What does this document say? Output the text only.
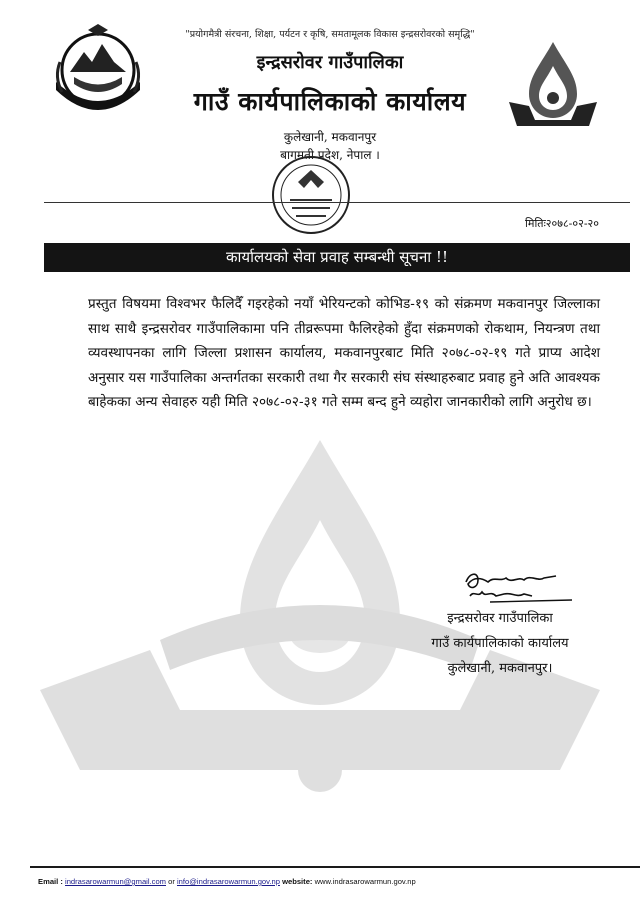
"प्रयोगमैत्री संरचना, शिक्षा, पर्यटन र कृषि, समतामूलक विकास इन्द्रसरोवरको समृद्धि"
इन्द्रसरोवर गाउँपालिका
गाउँ कार्यपालिकाको कार्यालय
कुलेखानी, मकवानपुर
बागमती प्रदेश, नेपाल ।
मितिः२०७८-०२-२०
कार्यालयको सेवा प्रवाह सम्बन्धी सूचना !!
प्रस्तुत विषयमा विश्वभर फैलिदैँ गइरहेको नयाँ भेरियन्टको कोभिड-१९ को संक्रमण मकवानपुर जिल्लाका साथ साथै इन्द्रसरोवर गाउँपालिकामा पनि तीव्ररूपमा फैलिरहेको हुँदा संक्रमणको रोकथाम, नियन्त्रण तथा व्यवस्थापनका लागि जिल्ला प्रशासन कार्यालय, मकवानपुरबाट मिति २०७८-०२-१९ गते प्राप्य आदेश अनुसार यस गाउँपालिका अन्तर्गतका सरकारी तथा गैर सरकारी संघ संस्थाहरुबाट प्रवाह हुने अति आवश्यक बाहेकका अन्य सेवाहरु यही मिति २०७८-०२-३१ गते सम्म बन्द हुने व्यहोरा जानकारीको लागि अनुरोध छ।
इन्द्रसरोवर गाउँपालिका
गाउँ कार्यपालिकाको कार्यालय
कुलेखानी, मकवानपुर।
Email : indrasarowarmun@gmail.com or info@indrasarowarmun.gov.np website: www.indrasarowarmun.gov.np
